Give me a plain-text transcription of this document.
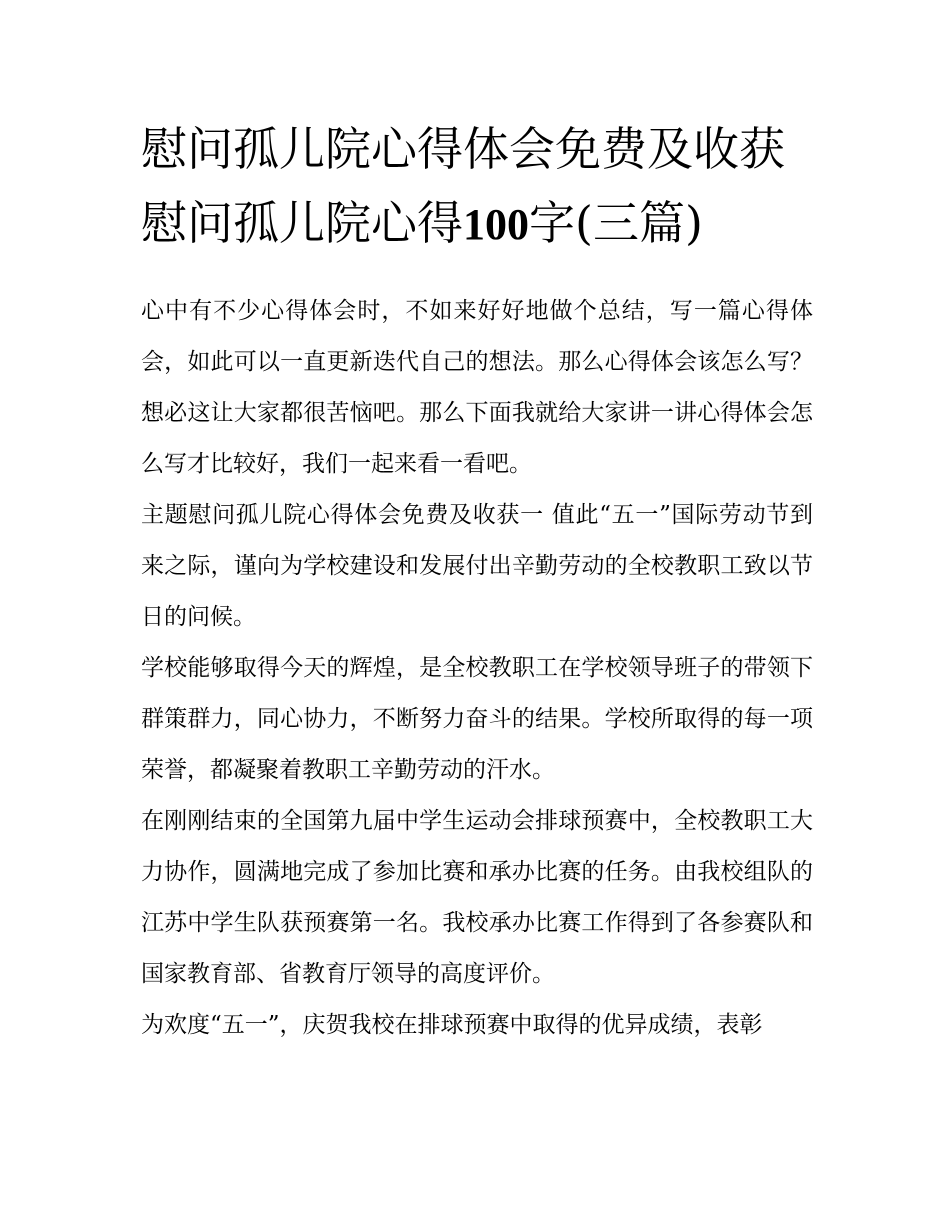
慰问孤儿院心得体会免费及收获 慰问孤儿院心得100字(三篇)

心中有不少心得体会时，不如来好好地做个总结，写一篇心得体会，如此可以一直更新迭代自己的想法。那么心得体会该怎么写？想必这让大家都很苦恼吧。那么下面我就给大家讲一讲心得体会怎么写才比较好，我们一起来看一看吧。

主题慰问孤儿院心得体会免费及收获一 值此“五一”国际劳动节到来之际，谨向为学校建设和发展付出辛勤劳动的全校教职工致以节日的问候。

学校能够取得今天的辉煌，是全校教职工在学校领导班子的带领下群策群力，同心协力，不断努力奋斗的结果。学校所取得的每一项荣誉，都凝聚着教职工辛勤劳动的汗水。

在刚刚结束的全国第九届中学生运动会排球预赛中，全校教职工大力协作，圆满地完成了参加比赛和承办比赛的任务。由我校组队的江苏中学生队获预赛第一名。我校承办比赛工作得到了各参赛队和国家教育部、省教育厅领导的高度评价。

为欢度“五一”，庆贺我校在排球预赛中取得的优异成绩，表彰
